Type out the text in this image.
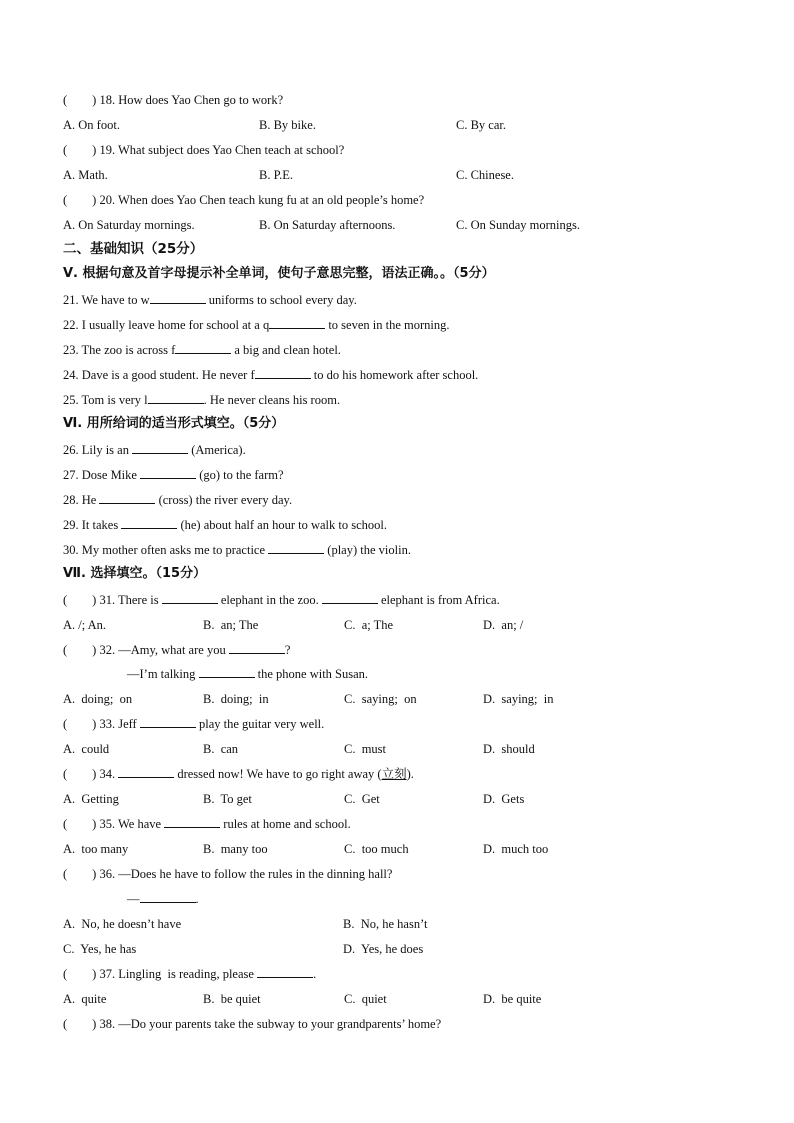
(        ) 18. How does Yao Chen go to work?
A. On foot.	B. By bike.	C. By car.
(        ) 19. What subject does Yao Chen teach at school?
A. Math.	B. P.E.	C. Chinese.
(        ) 20. When does Yao Chen teach kung fu at an old people’s home?
A. On Saturday mornings.	B. On Saturday afternoons.	C. On Sunday mornings.
二、基础知识（25分）
Ⅴ. 根据句意及首字母提示补全单词，使句子意思完整，语法正确。。（5分）
21. We have to w	uniforms to school every day.
22. I usually leave home for school at a q	to seven in the morning.
23. The zoo is across f	a big and clean hotel.
24. Dave is a good student. He never f	to do his homework after school.
25. Tom is very l	. He never cleans his room.
Ⅵ. 用所给词的适当形式填空。（5分）
26. Lily is an	(America).
27. Dose Mike	(go) to the farm?
28. He	(cross) the river every day.
29. It takes	(he) about half an hour to walk to school.
30. My mother often asks me to practice	(play) the violin.
Ⅶ. 选择填空。（15分）
(        ) 31. There is	elephant in the zoo.	elephant is from Africa.
A. /; An.	B.  an; The	C.  a; The	D.  an; /
(        ) 32. —Amy, what are you	?
—I’m talking	the phone with Susan.
A.  doing;  on	B.  doing;  in	C.  saying;  on	D.  saying;  in
(        ) 33. Jeff	play the guitar very well.
A.  could	B.  can	C.  must	D.  should
(        ) 34.	dressed now! We have to go right away (立刻).
A.  Getting	B.  To get	C.  Get	D.  Gets
(        ) 35. We have	rules at home and school.
A.  too many	B.  many too	C.  too much	D.  much too
(        ) 36. —Does he have to follow the rules in the dinning hall?
—	.
A.  No, he doesn’t have	B.  No, he hasn’t
C.  Yes, he has	D.  Yes, he does
(        ) 37. Lingling  is reading, please	.
A.  quite	B.  be quiet	C.  quiet	D.  be quite
(        ) 38. —Do your parents take the subway to your grandparents’ home?
